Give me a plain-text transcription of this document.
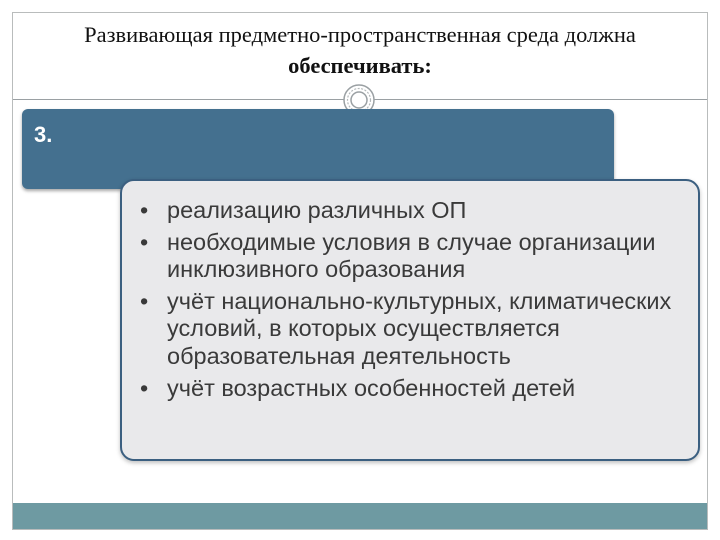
Развивающая предметно-пространственная среда должна
обеспечивать:
3.
• реализацию различных ОП
• необходимые условия в случае организации инклюзивного образования
• учёт национально-культурных, климатических условий, в которых осуществляется образовательная деятельность
• учёт возрастных особенностей детей
